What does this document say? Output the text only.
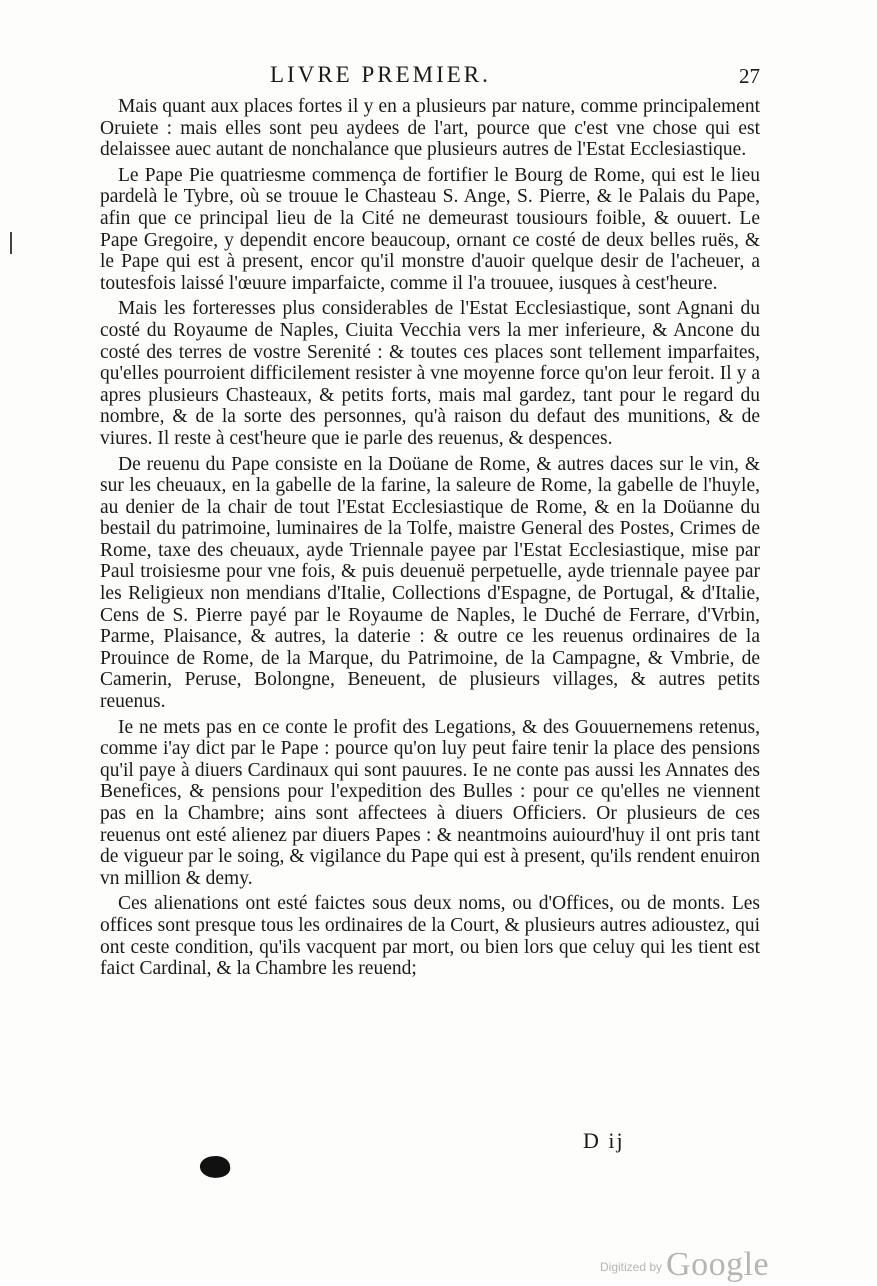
LIVRE PREMIER.	27

Mais quant aux places fortes il y en a plusieurs par nature, comme principalement Oruiete : mais elles sont peu aydees de l'art, pource que c'est vne chose qui est delaissee auec autant de nonchalance que plusieurs autres de l'Estat Ecclesiastique.

Le Pape Pie quatriesme commença de fortifier le Bourg de Rome, qui est le lieu pardelà le Tybre, où se trouue le Chasteau S. Ange, S. Pierre, & le Palais du Pape, afin que ce principal lieu de la Cité ne demeurast tousiours foible, & ouuert. Le Pape Gregoire, y dependit encore beaucoup, ornant ce costé de deux belles ruës, & le Pape qui est à present, encor qu'il monstre d'auoir quelque desir de l'acheuer, a toutesfois laissé l'œuure imparfaicte, comme il l'a trouuee, iusques à cest'heure.

Mais les forteresses plus considerables de l'Estat Ecclesiastique, sont Agnani du costé du Royaume de Naples, Ciuita Vecchia vers la mer inferieure, & Ancone du costé des terres de vostre Serenité : & toutes ces places sont tellement imparfaites, qu'elles pourroient difficilement resister à vne moyenne force qu'on leur feroit. Il y a apres plusieurs Chasteaux, & petits forts, mais mal gardez, tant pour le regard du nombre, & de la sorte des personnes, qu'à raison du defaut des munitions, & de viures. Il reste à cest'heure que ie parle des reuenus, & despences.

De reuenu du Pape consiste en la Doüane de Rome, & autres daces sur le vin, & sur les cheuaux, en la gabelle de la farine, la saleure de Rome, la gabelle de l'huyle, au denier de la chair de tout l'Estat Ecclesiastique de Rome, & en la Doüanne du bestail du patrimoine, luminaires de la Tolfe, maistre General des Postes, Crimes de Rome, taxe des cheuaux, ayde Triennale payee par l'Estat Ecclesiastique, mise par Paul troisiesme pour vne fois, & puis deuenuë perpetuelle, ayde triennale payee par les Religieux non mendians d'Italie, Collections d'Espagne, de Portugal, & d'Italie, Cens de S. Pierre payé par le Royaume de Naples, le Duché de Ferrare, d'Vrbin, Parme, Plaisance, & autres, la daterie : & outre ce les reuenus ordinaires de la Prouince de Rome, de la Marque, du Patrimoine, de la Campagne, & Vmbrie, de Camerin, Peruse, Bolongne, Beneuent, de plusieurs villages, & autres petits reuenus.

Ie ne mets pas en ce conte le profit des Legations, & des Gouuernemens retenus, comme i'ay dict par le Pape : pource qu'on luy peut faire tenir la place des pensions qu'il paye à diuers Cardinaux qui sont pauures. Ie ne conte pas aussi les Annates des Benefices, & pensions pour l'expedition des Bulles : pour ce qu'elles ne viennent pas en la Chambre; ains sont affectees à diuers Officiers. Or plusieurs de ces reuenus ont esté alienez par diuers Papes : & neantmoins auiourd'huy il ont pris tant de vigueur par le soing, & vigilance du Pape qui est à present, qu'ils rendent enuiron vn million & demy.

Ces alienations ont esté faictes sous deux noms, ou d'Offices, ou de monts. Les offices sont presque tous les ordinaires de la Court, & plusieurs autres adioustez, qui ont ceste condition, qu'ils vacquent par mort, ou bien lors que celuy qui les tient est faict Cardinal, & la Chambre les reuend;

D ij
$^{Digitized by}$ Google
